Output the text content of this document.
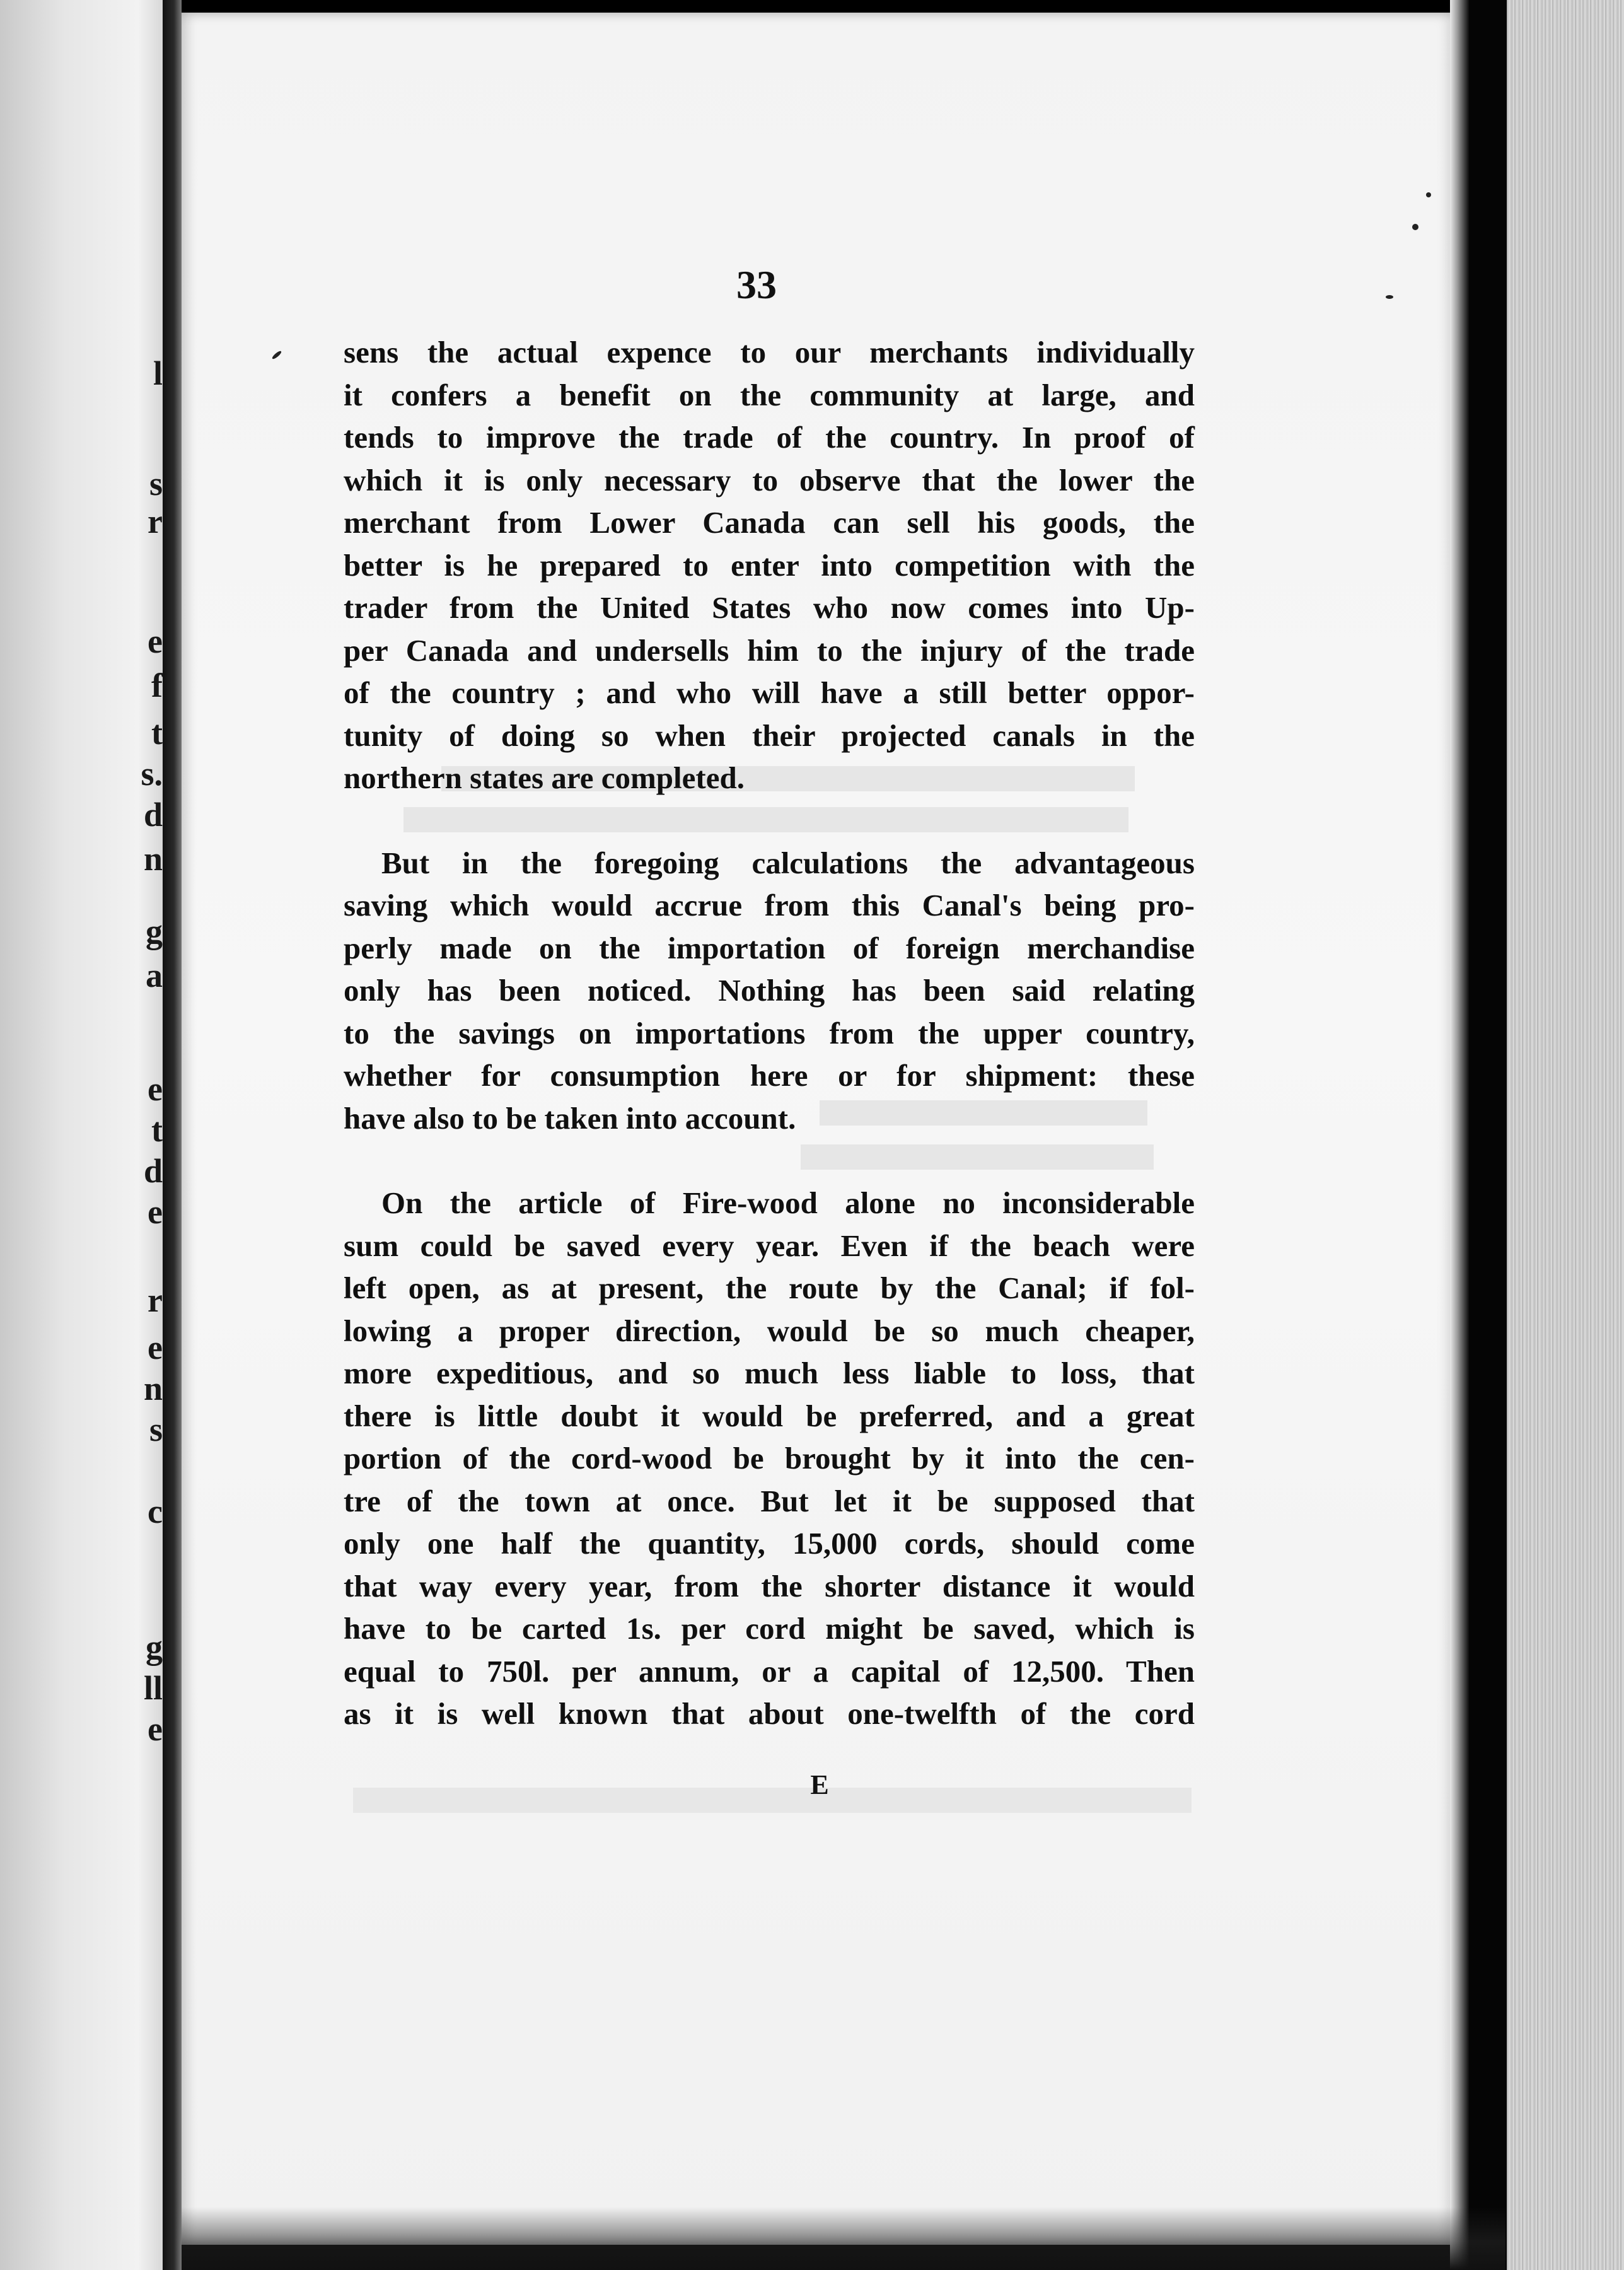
l
s
r
e
f
t
s.
d
n
g
a
e
t
d
e
r
e
n
s
c
g
ll
e
33

sens the actual expence to our merchants individually
it confers a benefit on the community at large, and
tends to improve the trade of the country. In proof of
which it is only necessary to observe that the lower the
merchant from Lower Canada can sell his goods, the
better is he prepared to enter into competition with the
trader from the United States who now comes into Up-
per Canada and undersells him to the injury of the trade
of the country ; and who will have a still better oppor-
tunity of doing so when their projected canals in the
northern states are completed.

But in the foregoing calculations the advantageous
saving which would accrue from this Canal's being pro-
perly made on the importation of foreign merchandise
only has been noticed. Nothing has been said relating
to the savings on importations from the upper country,
whether for consumption here or for shipment: these
have also to be taken into account.

On the article of Fire-wood alone no inconsiderable
sum could be saved every year. Even if the beach were
left open, as at present, the route by the Canal; if fol-
lowing a proper direction, would be so much cheaper,
more expeditious, and so much less liable to loss, that
there is little doubt it would be preferred, and a great
portion of the cord-wood be brought by it into the cen-
tre of the town at once. But let it be supposed that
only one half the quantity, 15,000 cords, should come
that way every year, from the shorter distance it would
have to be carted 1s. per cord might be saved, which is
equal to 750l. per annum, or a capital of 12,500. Then
as it is well known that about one-twelfth of the cord

E
